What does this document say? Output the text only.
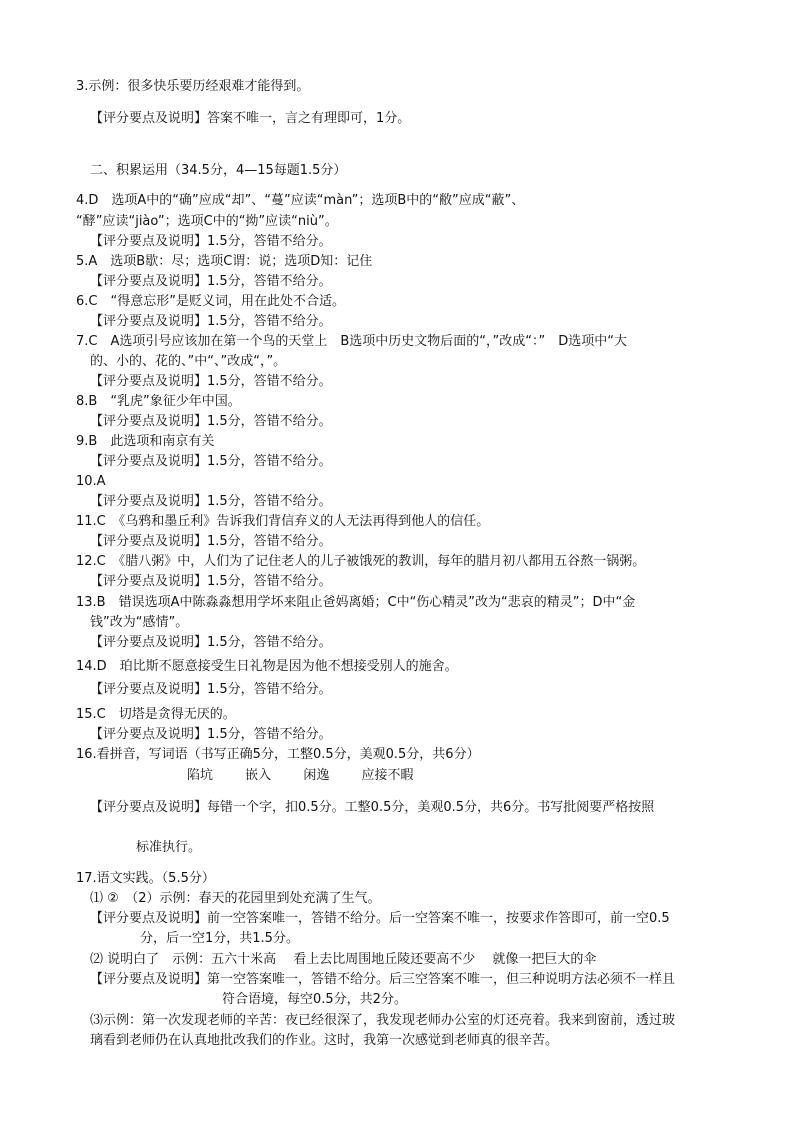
3.示例：很多快乐要历经艰难才能得到。
【评分要点及说明】答案不唯一，言之有理即可，1分。
二、积累运用（34.5分，4—15每题1.5分）
4.D　选项A中的“确”应成“却”、“蔓”应读“màn”；选项B中的“敝”应成“蔽”、
“酵”应读“jiào”；选项C中的“拗”应读“niù”。
【评分要点及说明】1.5分，答错不给分。
5.A　选项B歇：尽；选项C谓：说；选项D知：记住
【评分要点及说明】1.5分，答错不给分。
6.C　“得意忘形”是贬义词，用在此处不合适。
【评分要点及说明】1.5分，答错不给分。
7.C　A选项引号应该加在第一个鸟的天堂上　B选项中历史文物后面的“，”改成“：”　D选项中“大
的、小的、花的、”中“、”改成“，”。
【评分要点及说明】1.5分，答错不给分。
8.B　“乳虎”象征少年中国。
【评分要点及说明】1.5分，答错不给分。
9.B　此选项和南京有关
【评分要点及说明】1.5分，答错不给分。
10.A
【评分要点及说明】1.5分，答错不给分。
11.C　《乌鸦和墨丘利》告诉我们背信弃义的人无法再得到他人的信任。
【评分要点及说明】1.5分，答错不给分。
12.C　《腊八粥》中，人们为了记住老人的儿子被饿死的教训，每年的腊月初八都用五谷熬一锅粥。
【评分要点及说明】1.5分，答错不给分。
13.B　错误选项A中陈淼淼想用学坏来阻止爸妈离婚；C中“伤心精灵”改为“悲哀的精灵”；D中“金
钱”改为“感情”。
【评分要点及说明】1.5分，答错不给分。
14.D　珀比斯不愿意接受生日礼物是因为他不想接受别人的施舍。
【评分要点及说明】1.5分，答错不给分。
15.C　切塔是贪得无厌的。
【评分要点及说明】1.5分，答错不给分。
16.看拼音，写词语（书写正确5分，工整0.5分，美观0.5分，共6分）
陷坑 嵌入 闲逸 应接不暇
【评分要点及说明】每错一个字，扣0.5分。工整0.5分，美观0.5分，共6分。书写批阅要严格按照
标准执行。
17.语文实践。（5.5分）
⑴ ②　（2）示例：春天的花园里到处充满了生气。
【评分要点及说明】前一空答案唯一，答错不给分。后一空答案不唯一，按要求作答即可，前一空0.5
分，后一空1分，共1.5分。
⑵ 说明白了　示例：五六十米高　 看上去比周围地丘陵还要高不少　 就像一把巨大的伞
【评分要点及说明】第一空答案唯一，答错不给分。后三空答案不唯一，但三种说明方法必须不一样且
符合语境，每空0.5分，共2分。
⑶示例：第一次发现老师的辛苦：夜已经很深了，我发现老师办公室的灯还亮着。我来到窗前，透过玻
璃看到老师仍在认真地批改我们的作业。这时，我第一次感觉到老师真的很辛苦。
